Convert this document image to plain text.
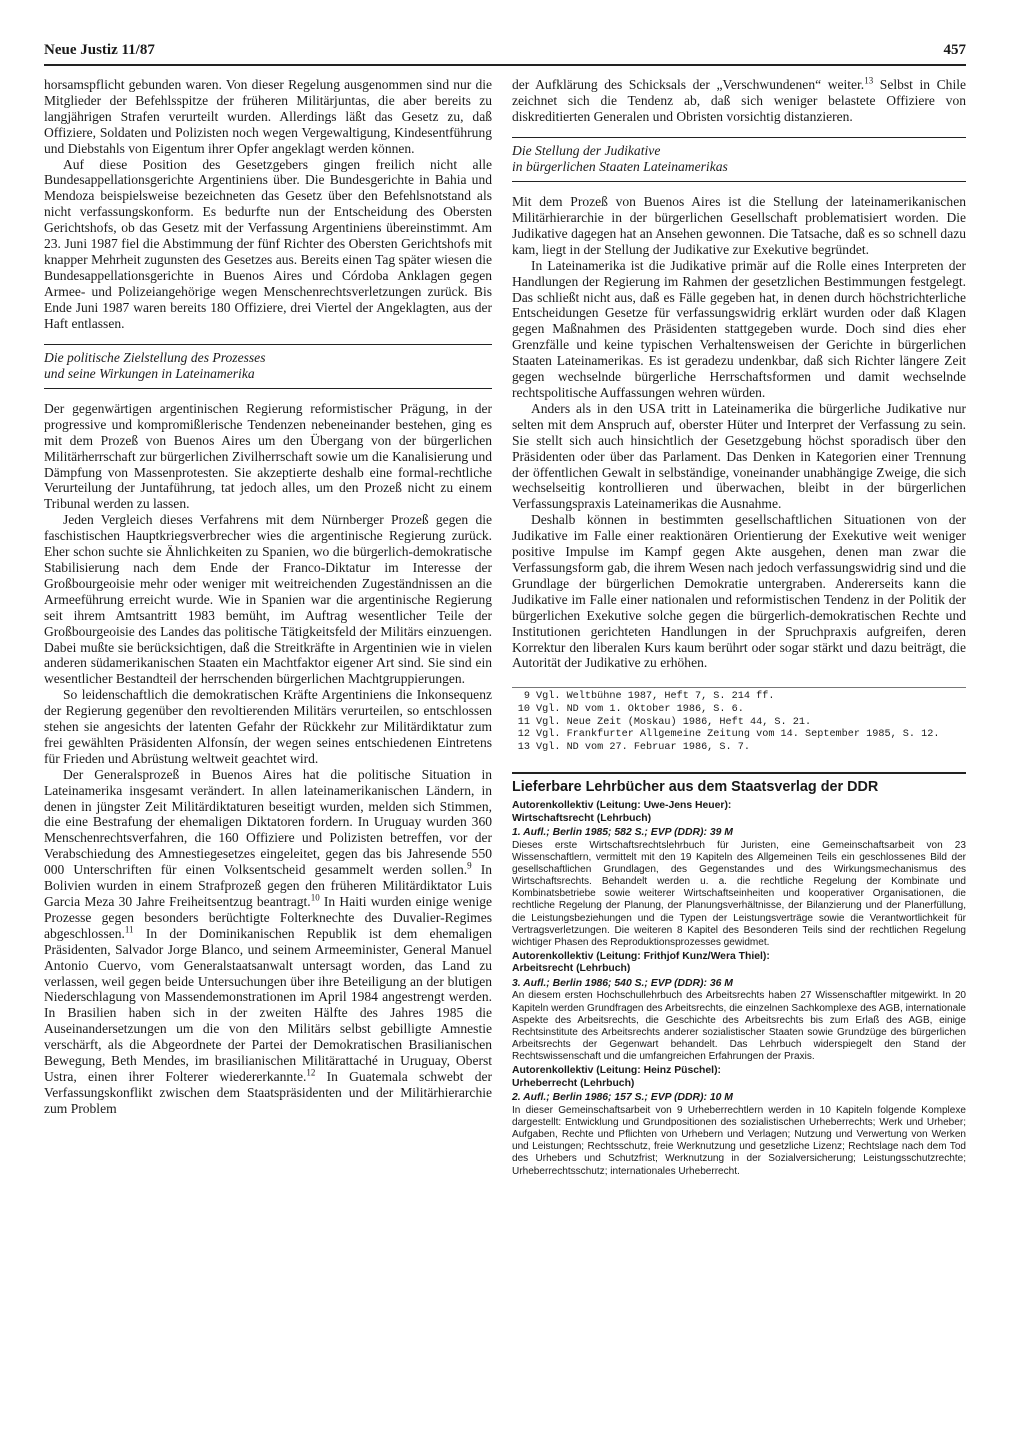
Neue Justiz 11/87	457

horsamspflicht gebunden waren. Von dieser Regelung ausgenommen sind nur die Mitglieder der Befehlsspitze der früheren Militärjuntas, die aber bereits zu langjährigen Strafen verurteilt wurden. Allerdings läßt das Gesetz zu, daß Offiziere, Soldaten und Polizisten noch wegen Vergewaltigung, Kindesentführung und Diebstahls von Eigentum ihrer Opfer angeklagt werden können.

Auf diese Position des Gesetzgebers gingen freilich nicht alle Bundesappellationsgerichte Argentiniens über. Die Bundesgerichte in Bahia und Mendoza beispielsweise bezeichneten das Gesetz über den Befehlsnotstand als nicht verfassungskonform. Es bedurfte nun der Entscheidung des Obersten Gerichtshofs, ob das Gesetz mit der Verfassung Argentiniens übereinstimmt. Am 23. Juni 1987 fiel die Abstimmung der fünf Richter des Obersten Gerichtshofs mit knapper Mehrheit zugunsten des Gesetzes aus. Bereits einen Tag später wiesen die Bundesappellationsgerichte in Buenos Aires und Córdoba Anklagen gegen Armee- und Polizeiangehörige wegen Menschenrechtsverletzungen zurück. Bis Ende Juni 1987 waren bereits 180 Offiziere, drei Viertel der Angeklagten, aus der Haft entlassen.

Die politische Zielstellung des Prozesses
und seine Wirkungen in Lateinamerika

Der gegenwärtigen argentinischen Regierung reformistischer Prägung, in der progressive und kompromißlerische Tendenzen nebeneinander bestehen, ging es mit dem Prozeß von Buenos Aires um den Übergang von der bürgerlichen Militärherrschaft zur bürgerlichen Zivilherrschaft sowie um die Kanalisierung und Dämpfung von Massenprotesten. Sie akzeptierte deshalb eine formal-rechtliche Verurteilung der Juntaführung, tat jedoch alles, um den Prozeß nicht zu einem Tribunal werden zu lassen.

Jeden Vergleich dieses Verfahrens mit dem Nürnberger Prozeß gegen die faschistischen Hauptkriegsverbrecher wies die argentinische Regierung zurück. Eher schon suchte sie Ähnlichkeiten zu Spanien, wo die bürgerlich-demokratische Stabilisierung nach dem Ende der Franco-Diktatur im Interesse der Großbourgeoisie mehr oder weniger mit weitreichenden Zugeständnissen an die Armeeführung erreicht wurde. Wie in Spanien war die argentinische Regierung seit ihrem Amtsantritt 1983 bemüht, im Auftrag wesentlicher Teile der Großbourgeoisie des Landes das politische Tätigkeitsfeld der Militärs einzuengen. Dabei mußte sie berücksichtigen, daß die Streitkräfte in Argentinien wie in vielen anderen südamerikanischen Staaten ein Machtfaktor eigener Art sind. Sie sind ein wesentlicher Bestandteil der herrschenden bürgerlichen Machtgruppierungen.

So leidenschaftlich die demokratischen Kräfte Argentiniens die Inkonsequenz der Regierung gegenüber den revoltierenden Militärs verurteilen, so entschlossen stehen sie angesichts der latenten Gefahr der Rückkehr zur Militärdiktatur zum frei gewählten Präsidenten Alfonsín, der wegen seines entschiedenen Eintretens für Frieden und Abrüstung weltweit geachtet wird.

Der Generalsprozeß in Buenos Aires hat die politische Situation in Lateinamerika insgesamt verändert. In allen lateinamerikanischen Ländern, in denen in jüngster Zeit Militärdiktaturen beseitigt wurden, melden sich Stimmen, die eine Bestrafung der ehemaligen Diktatoren fordern. In Uruguay wurden 360 Menschenrechtsverfahren, die 160 Offiziere und Polizisten betreffen, vor der Verabschiedung des Amnestiegesetzes eingeleitet, gegen das bis Jahresende 550 000 Unterschriften für einen Volksentscheid gesammelt werden sollen.$^9$ In Bolivien wurden in einem Strafprozeß gegen den früheren Militärdiktator Luis Garcia Meza 30 Jahre Freiheitsentzug beantragt.$^{10}$ In Haiti wurden einige wenige Prozesse gegen besonders berüchtigte Folterknechte des Duvalier-Regimes abgeschlossen.$^{11}$ In der Dominikanischen Republik ist dem ehemaligen Präsidenten, Salvador Jorge Blanco, und seinem Armeeminister, General Manuel Antonio Cuervo, vom Generalstaatsanwalt untersagt worden, das Land zu verlassen, weil gegen beide Untersuchungen über ihre Beteiligung an der blutigen Niederschlagung von Massendemonstrationen im April 1984 angestrengt werden. In Brasilien haben sich in der zweiten Hälfte des Jahres 1985 die Auseinandersetzungen um die von den Militärs selbst gebilligte Amnestie verschärft, als die Abgeordnete der Partei der Demokratischen Brasilianischen Bewegung, Beth Mendes, im brasilianischen Militärattaché in Uruguay, Oberst Ustra, einen ihrer Folterer wiedererkannte.$^{12}$ In Guatemala schwebt der Verfassungskonflikt zwischen dem Staatspräsidenten und der Militärhierarchie zum Problem

der Aufklärung des Schicksals der „Verschwundenen“ weiter.$^{13}$ Selbst in Chile zeichnet sich die Tendenz ab, daß sich weniger belastete Offiziere von diskreditierten Generalen und Obristen vorsichtig distanzieren.

Die Stellung der Judikative
in bürgerlichen Staaten Lateinamerikas

Mit dem Prozeß von Buenos Aires ist die Stellung der lateinamerikanischen Militärhierarchie in der bürgerlichen Gesellschaft problematisiert worden. Die Judikative dagegen hat an Ansehen gewonnen. Die Tatsache, daß es so schnell dazu kam, liegt in der Stellung der Judikative zur Exekutive begründet.

In Lateinamerika ist die Judikative primär auf die Rolle eines Interpreten der Handlungen der Regierung im Rahmen der gesetzlichen Bestimmungen festgelegt. Das schließt nicht aus, daß es Fälle gegeben hat, in denen durch höchstrichterliche Entscheidungen Gesetze für verfassungswidrig erklärt wurden oder daß Klagen gegen Maßnahmen des Präsidenten stattgegeben wurde. Doch sind dies eher Grenzfälle und keine typischen Verhaltensweisen der Gerichte in bürgerlichen Staaten Lateinamerikas. Es ist geradezu undenkbar, daß sich Richter längere Zeit gegen wechselnde bürgerliche Herrschaftsformen und damit wechselnde rechtspolitische Auffassungen wehren würden.

Anders als in den USA tritt in Lateinamerika die bürgerliche Judikative nur selten mit dem Anspruch auf, oberster Hüter und Interpret der Verfassung zu sein. Sie stellt sich auch hinsichtlich der Gesetzgebung höchst sporadisch über den Präsidenten oder über das Parlament. Das Denken in Kategorien einer Trennung der öffentlichen Gewalt in selbständige, voneinander unabhängige Zweige, die sich wechselseitig kontrollieren und überwachen, bleibt in der bürgerlichen Verfassungspraxis Lateinamerikas die Ausnahme.

Deshalb können in bestimmten gesellschaftlichen Situationen von der Judikative im Falle einer reaktionären Orientierung der Exekutive weit weniger positive Impulse im Kampf gegen Akte ausgehen, denen man zwar die Verfassungsform gab, die ihrem Wesen nach jedoch verfassungswidrig sind und die Grundlage der bürgerlichen Demokratie untergraben. Andererseits kann die Judikative im Falle einer nationalen und reformistischen Tendenz in der Politik der bürgerlichen Exekutive solche gegen die bürgerlich-demokratischen Rechte und Institutionen gerichteten Handlungen in der Spruchpraxis aufgreifen, deren Korrektur den liberalen Kurs kaum berührt oder sogar stärkt und dazu beiträgt, die Autorität der Judikative zu erhöhen.

9 Vgl. Weltbühne 1987, Heft 7, S. 214 ff.
10 Vgl. ND vom 1. Oktober 1986, S. 6.
11 Vgl. Neue Zeit (Moskau) 1986, Heft 44, S. 21.
12 Vgl. Frankfurter Allgemeine Zeitung vom 14. September 1985, S. 12.
13 Vgl. ND vom 27. Februar 1986, S. 7.
Lieferbare Lehrbücher aus dem Staatsverlag der DDR
Autorenkollektiv (Leitung: Uwe-Jens Heuer):
Wirtschaftsrecht (Lehrbuch)
1. Aufl.; Berlin 1985; 582 S.; EVP (DDR): 39 M
Dieses erste Wirtschaftsrechtslehrbuch für Juristen, eine Gemeinschaftsarbeit von 23 Wissenschaftlern, vermittelt mit den 19 Kapiteln des Allgemeinen Teils ein geschlossenes Bild der gesellschaftlichen Grundlagen, des Gegenstandes und des Wirkungsmechanismus des Wirtschaftsrechts. Behandelt werden u. a. die rechtliche Regelung der Kombinate und Kombinatsbetriebe sowie weiterer Wirtschaftseinheiten und kooperativer Organisationen, die rechtliche Regelung der Planung, der Planungsverhältnisse, der Bilanzierung und der Planerfüllung, die Leistungsbeziehungen und die Typen der Leistungsverträge sowie die Verantwortlichkeit für Vertragsverletzungen. Die weiteren 8 Kapitel des Besonderen Teils sind der rechtlichen Regelung wichtiger Phasen des Reproduktionsprozesses gewidmet.
Autorenkollektiv (Leitung: Frithjof Kunz/Wera Thiel):
Arbeitsrecht (Lehrbuch)
3. Aufl.; Berlin 1986; 540 S.; EVP (DDR): 36 M
An diesem ersten Hochschullehrbuch des Arbeitsrechts haben 27 Wissenschaftler mitgewirkt. In 20 Kapiteln werden Grundfragen des Arbeitsrechts, die einzelnen Sachkomplexe des AGB, internationale Aspekte des Arbeitsrechts, die Geschichte des Arbeitsrechts bis zum Erlaß des AGB, einige Rechtsinstitute des Arbeitsrechts anderer sozialistischer Staaten sowie Grundzüge des bürgerlichen Arbeitsrechts der Gegenwart behandelt. Das Lehrbuch widerspiegelt den Stand der Rechtswissenschaft und die umfangreichen Erfahrungen der Praxis.
Autorenkollektiv (Leitung: Heinz Püschel):
Urheberrecht (Lehrbuch)
2. Aufl.; Berlin 1986; 157 S.; EVP (DDR): 10 M
In dieser Gemeinschaftsarbeit von 9 Urheberrechtlern werden in 10 Kapiteln folgende Komplexe dargestellt: Entwicklung und Grundpositionen des sozialistischen Urheberrechts; Werk und Urheber; Aufgaben, Rechte und Pflichten von Urhebern und Verlagen; Nutzung und Verwertung von Werken und Leistungen; Rechtsschutz, freie Werknutzung und gesetzliche Lizenz; Rechtslage nach dem Tod des Urhebers und Schutzfrist; Werknutzung in der Sozialversicherung; Leistungsschutzrechte; Urheberrechtsschutz; internationales Urheberrecht.
